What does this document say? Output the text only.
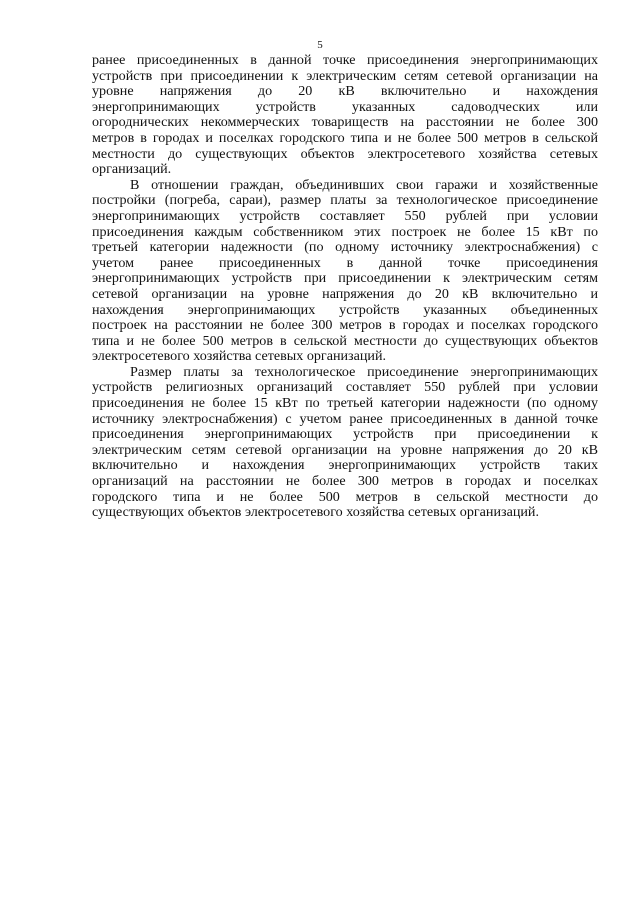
5
ранее присоединенных в данной точке присоединения энергопринимающих
устройств при присоединении к электрическим сетям сетевой организации на
уровне напряжения до 20 кВ включительно и нахождения
энергопринимающих устройств указанных садоводческих или
огороднических некоммерческих товариществ на расстоянии не более 300
метров в городах и поселках городского типа и не более 500 метров в сельской
местности до существующих объектов электросетевого хозяйства сетевых
организаций.
В отношении граждан, объединивших свои гаражи и хозяйственные
постройки (погреба, сараи), размер платы за технологическое присоединение
энергопринимающих устройств составляет 550 рублей при условии
присоединения каждым собственником этих построек не более 15 кВт по
третьей категории надежности (по одному источнику электроснабжения) с
учетом ранее присоединенных в данной точке присоединения
энергопринимающих устройств при присоединении к электрическим сетям
сетевой организации на уровне напряжения до 20 кВ включительно и
нахождения энергопринимающих устройств указанных объединенных
построек на расстоянии не более 300 метров в городах и поселках городского
типа и не более 500 метров в сельской местности до существующих объектов
электросетевого хозяйства сетевых организаций.
Размер платы за технологическое присоединение энергопринимающих
устройств религиозных организаций составляет 550 рублей при условии
присоединения не более 15 кВт по третьей категории надежности (по одному
источнику электроснабжения) с учетом ранее присоединенных в данной точке
присоединения энергопринимающих устройств при присоединении к
электрическим сетям сетевой организации на уровне напряжения до 20 кВ
включительно и нахождения энергопринимающих устройств таких
организаций на расстоянии не более 300 метров в городах и поселках
городского типа и не более 500 метров в сельской местности до
существующих объектов электросетевого хозяйства сетевых организаций.
